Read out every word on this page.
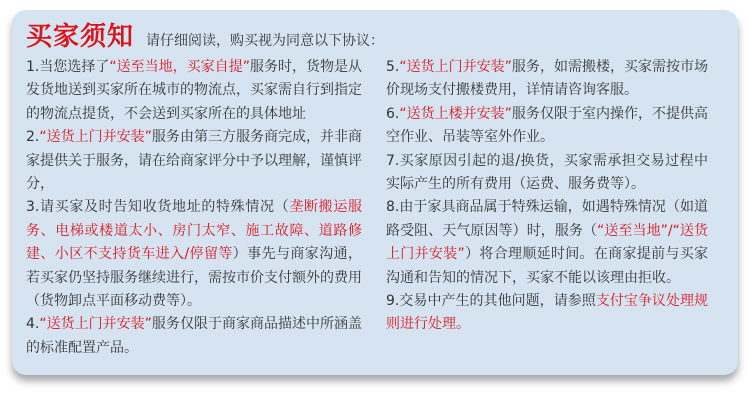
买家须知 请仔细阅读，购买视为同意以下协议：

1.当您选择了“送至当地，买家自提”服务时，货物是从发货地送到买家所在城市的物流点，买家需自行到指定的物流点提货，不会送到买家所在的具体地址

2.“送货上门并安装”服务由第三方服务商完成，并非商家提供关于服务，请在给商家评分中予以理解，谨慎评分，

3.请买家及时告知收货地址的特殊情况（垄断搬运服务、电梯或楼道太小、房门太窄、施工故障、道路修建、小区不支持货车进入/停留等）事先与商家沟通，若买家仍坚持服务继续进行，需按市价支付额外的费用（货物卸点平面移动费等）。

4.“送货上门并安装”服务仅限于商家商品描述中所涵盖的标准配置产品。

5.“送货上门并安装”服务，如需搬楼，买家需按市场价现场支付搬楼费用，详情请咨询客服。

6.“送货上楼并安装”服务仅限于室内操作，不提供高空作业、吊装等室外作业。

7.买家原因引起的退/换货，买家需承担交易过程中实际产生的所有费用（运费、服务费等）。

8.由于家具商品属于特殊运输，如遇特殊情况（如道路受阻、天气原因等）时，服务（“送至当地”/“送货上门并安装”）将合理顺延时间。在商家提前与买家沟通和告知的情况下，买家不能以该理由拒收。

9.交易中产生的其他问题，请参照支付宝争议处理规则进行处理。
